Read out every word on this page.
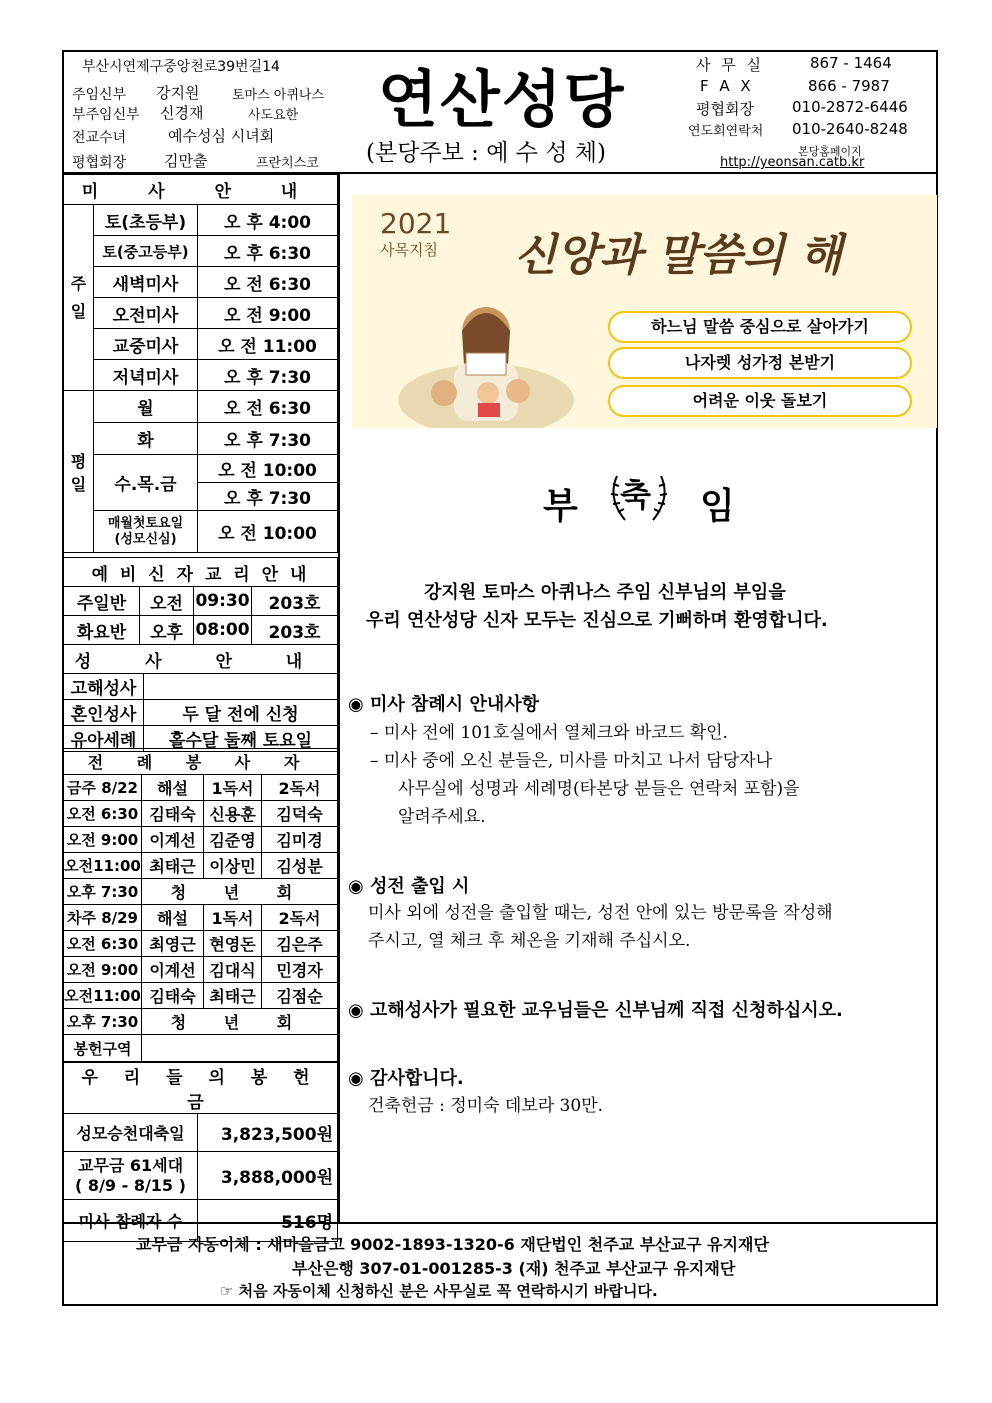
부산시연제구중앙천로39번길14
주임신부 강지원	토마스 아퀴나스
부주임신부 신경재	사도요한
전교수녀	예수성심 시녀회
평협회장	김만출	프란치스코
연산성당
(본당주보 : 예 수 성 체)
사 무 실	867 - 1464
F A X	866 - 7987
평협회장	010-2872-6446
연도회연락처 010-2640-8248
본당홈페이지
http://yeonsan.catb.kr
미 사 안 내		
주일	토(초등부)	오 후 4:00
	토(중고등부)	오 후 6:30
	새벽미사	오 전 6:30
	오전미사	오 전 9:00
	교중미사	오 전 11:00
	저녁미사	오 후 7:30
평일	월	오 전 6:30
	화	오 후 7:30
	수.목.금	오 전 10:00
		오 후 7:30

	매월첫토요일
(성모신심)	오 전 10:00
예 비 신 자 교 리 안 내			
주일반	오전	09:30	203호
화요반	오후	08:00	203호
성 사 안 내	
고해성사	
혼인성사	두 달 전에 신청
유아세례	홀수달 둘째 토요일
전 례 봉 사 자			
금주 8/22	해설	1독서	2독서
오전 6:30	김태숙	신용훈	김덕숙
오전 9:00	이계선	김준영	김미경
오전11:00	최태근	이상민	김성분
오후 7:30	청 년 회		
차주 8/29	해설	1독서	2독서
오전 6:30	최영근	현영돈	김은주
오전 9:00	이계선	김대식	민경자
오전11:00	김태숙	최태근	김점순
오후 7:30	청 년 회		
봉헌구역			
우 리 들 의 봉 헌 금	
성모승천대축일	3,823,500원

교무금 61세대
( 8/9 - 8/15 )	3,888,000원
미사 참례자 수	516명
2021
사목지침 신앙과 말씀의 해
하느님 말씀 중심으로 살아가기
나자렛 성가정 본받기
어려운 이웃 돌보기
부 축 임
강지원 토마스 아퀴나스 주임 신부님의 부임을
우리 연산성당 신자 모두는 진심으로 기뻐하며 환영합니다.
◉ 미사 참례시 안내사항
– 미사 전에 101호실에서 열체크와 바코드 확인.
– 미사 중에 오신 분들은, 미사를 마치고 나서 담당자나
사무실에 성명과 세례명(타본당 분들은 연락처 포함)을
알려주세요.
◉ 성전 출입 시
미사 외에 성전을 출입할 때는, 성전 안에 있는 방문록을 작성해
주시고, 열 체크 후 체온을 기재해 주십시오.
◉ 고해성사가 필요한 교우님들은 신부님께 직접 신청하십시오.
◉ 감사합니다.
건축헌금 : 정미숙 데보라 30만.
교무금 자동이체 : 새마을금고 9002-1893-1320-6 재단법인 천주교 부산교구 유지재단
부산은행 307-01-001285-3 (재) 천주교 부산교구 유지재단
☞ 처음 자동이체 신청하신 분은 사무실로 꼭 연락하시기 바랍니다.
